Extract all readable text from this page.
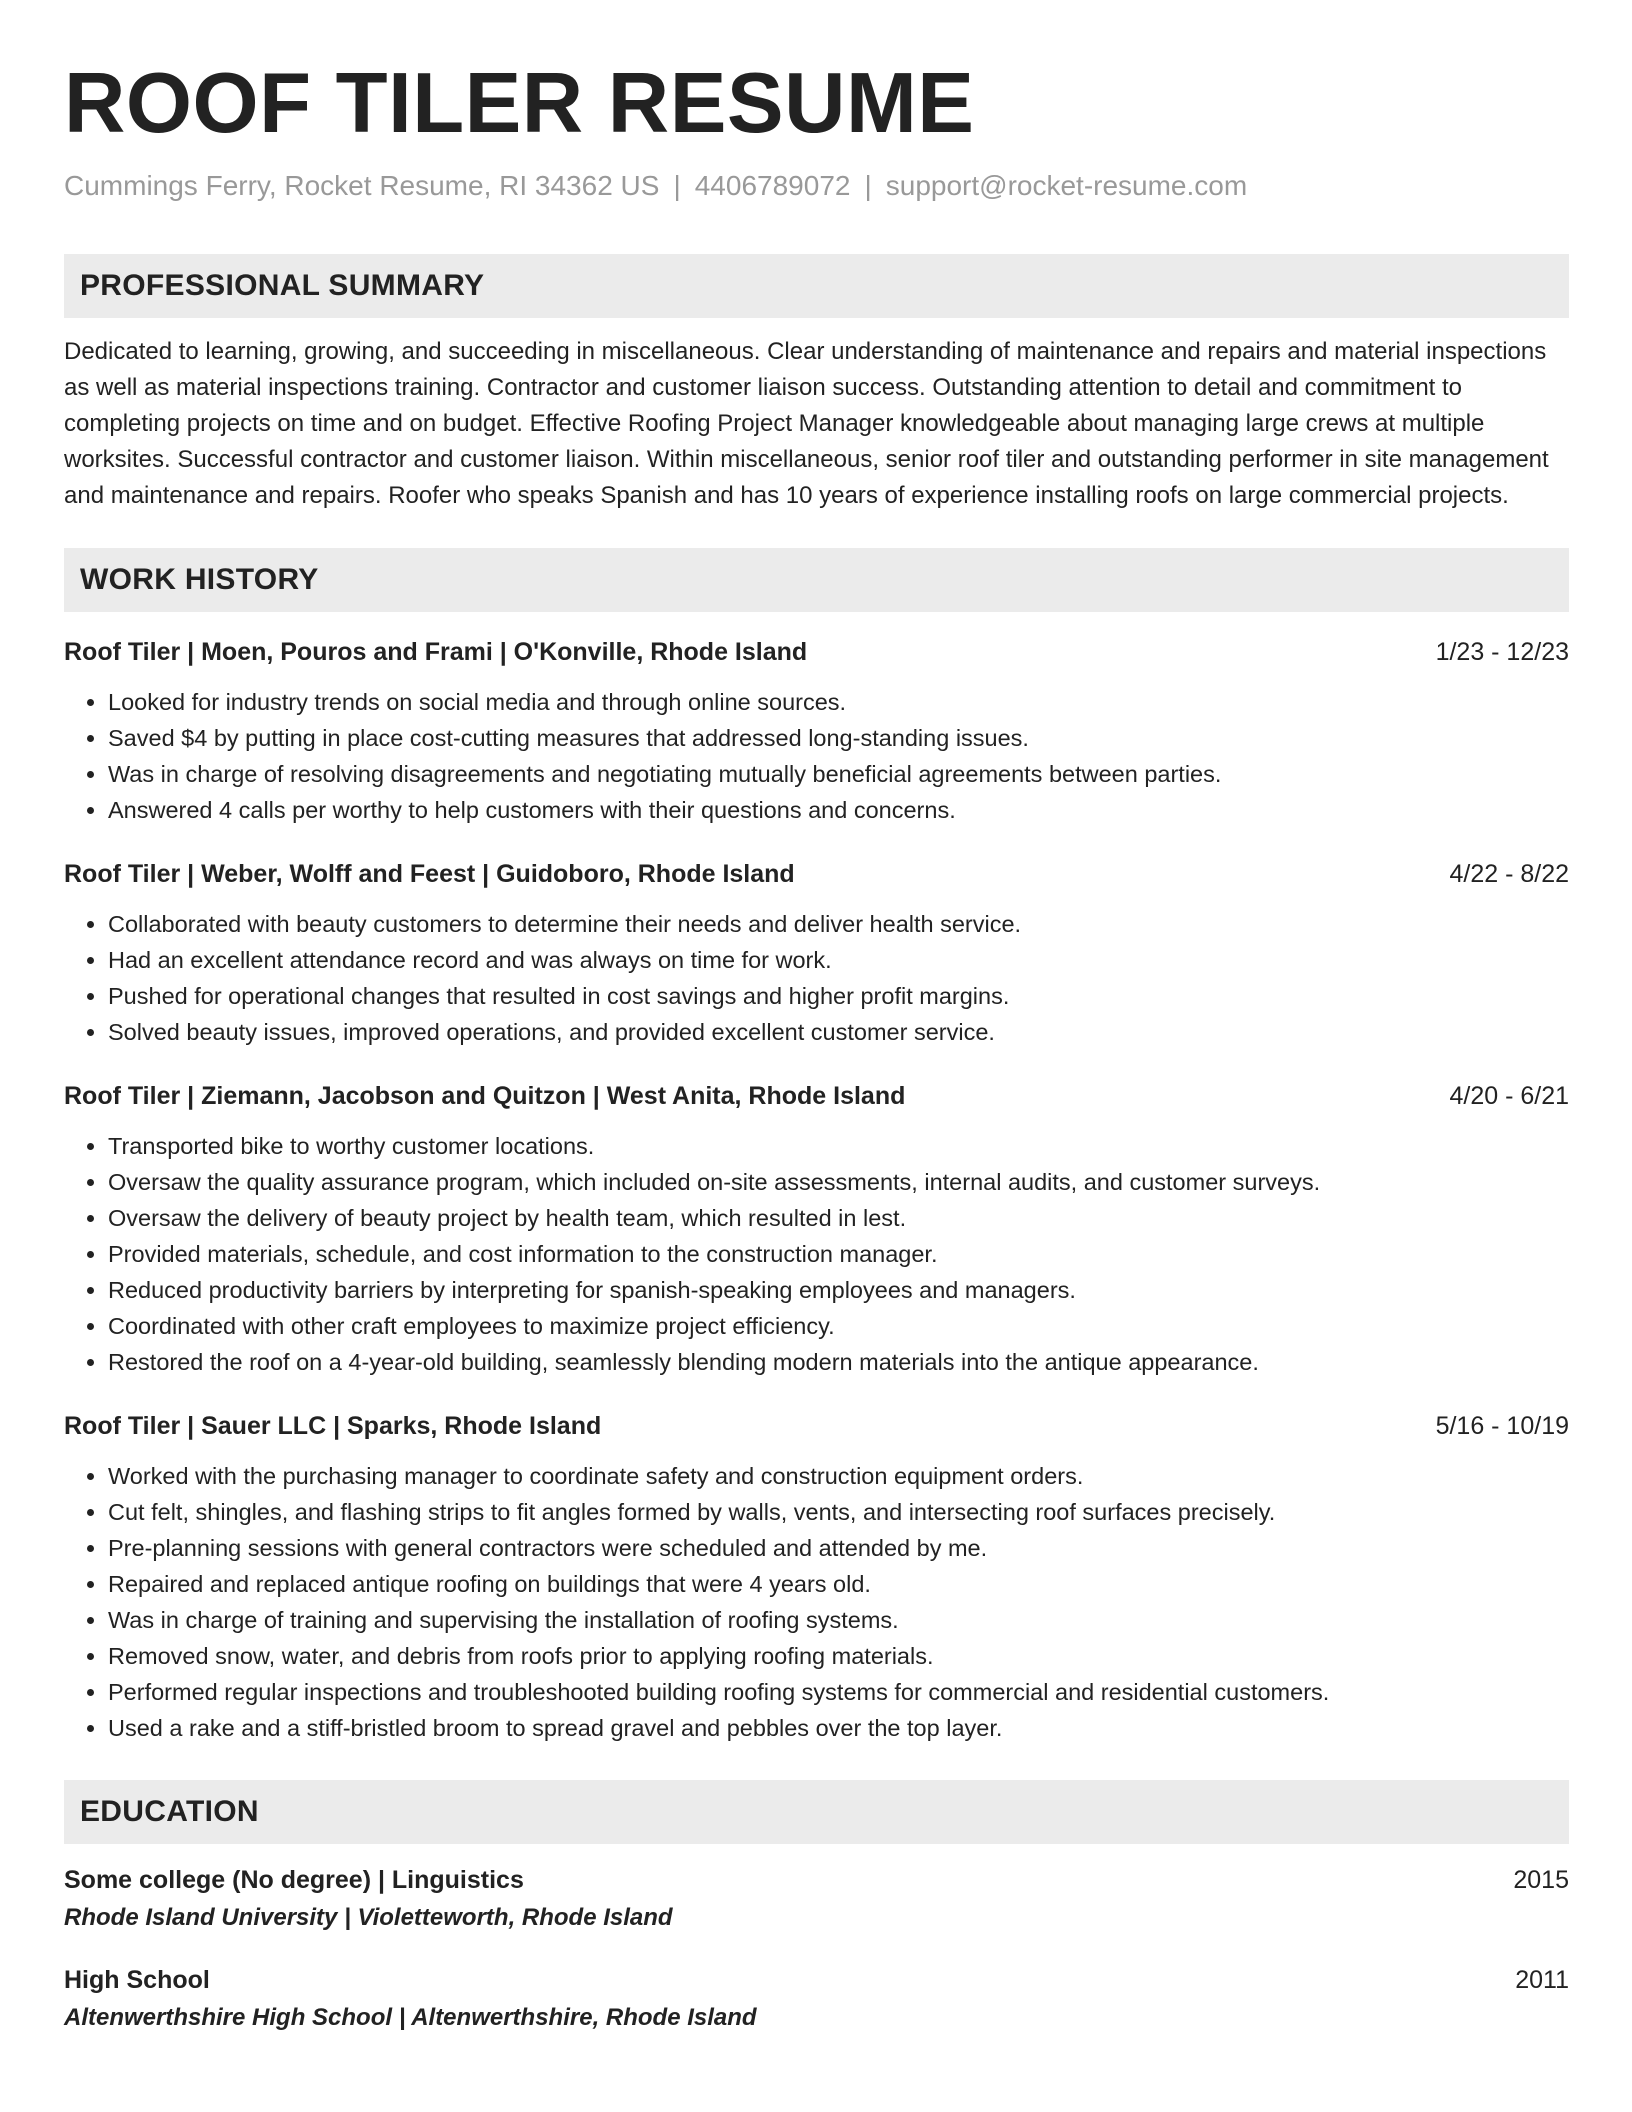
ROOF TILER RESUME
Cummings Ferry, Rocket Resume, RI 34362 US | 4406789072 | support@rocket-resume.com
PROFESSIONAL SUMMARY
Dedicated to learning, growing, and succeeding in miscellaneous. Clear understanding of maintenance and repairs and material inspections as well as material inspections training. Contractor and customer liaison success. Outstanding attention to detail and commitment to completing projects on time and on budget. Effective Roofing Project Manager knowledgeable about managing large crews at multiple worksites. Successful contractor and customer liaison. Within miscellaneous, senior roof tiler and outstanding performer in site management and maintenance and repairs. Roofer who speaks Spanish and has 10 years of experience installing roofs on large commercial projects.
WORK HISTORY
Roof Tiler | Moen, Pouros and Frami | O'Konville, Rhode Island	1/23 - 12/23
• Looked for industry trends on social media and through online sources.
• Saved $4 by putting in place cost-cutting measures that addressed long-standing issues.
• Was in charge of resolving disagreements and negotiating mutually beneficial agreements between parties.
• Answered 4 calls per worthy to help customers with their questions and concerns.
Roof Tiler | Weber, Wolff and Feest | Guidoboro, Rhode Island	4/22 - 8/22
• Collaborated with beauty customers to determine their needs and deliver health service.
• Had an excellent attendance record and was always on time for work.
• Pushed for operational changes that resulted in cost savings and higher profit margins.
• Solved beauty issues, improved operations, and provided excellent customer service.
Roof Tiler | Ziemann, Jacobson and Quitzon | West Anita, Rhode Island	4/20 - 6/21
• Transported bike to worthy customer locations.
• Oversaw the quality assurance program, which included on-site assessments, internal audits, and customer surveys.
• Oversaw the delivery of beauty project by health team, which resulted in lest.
• Provided materials, schedule, and cost information to the construction manager.
• Reduced productivity barriers by interpreting for spanish-speaking employees and managers.
• Coordinated with other craft employees to maximize project efficiency.
• Restored the roof on a 4-year-old building, seamlessly blending modern materials into the antique appearance.
Roof Tiler | Sauer LLC | Sparks, Rhode Island	5/16 - 10/19
• Worked with the purchasing manager to coordinate safety and construction equipment orders.
• Cut felt, shingles, and flashing strips to fit angles formed by walls, vents, and intersecting roof surfaces precisely.
• Pre-planning sessions with general contractors were scheduled and attended by me.
• Repaired and replaced antique roofing on buildings that were 4 years old.
• Was in charge of training and supervising the installation of roofing systems.
• Removed snow, water, and debris from roofs prior to applying roofing materials.
• Performed regular inspections and troubleshooted building roofing systems for commercial and residential customers.
• Used a rake and a stiff-bristled broom to spread gravel and pebbles over the top layer.
EDUCATION
Some college (No degree) | Linguistics	2015
Rhode Island University | Violetteworth, Rhode Island
High School	2011
Altenwerthshire High School | Altenwerthshire, Rhode Island
